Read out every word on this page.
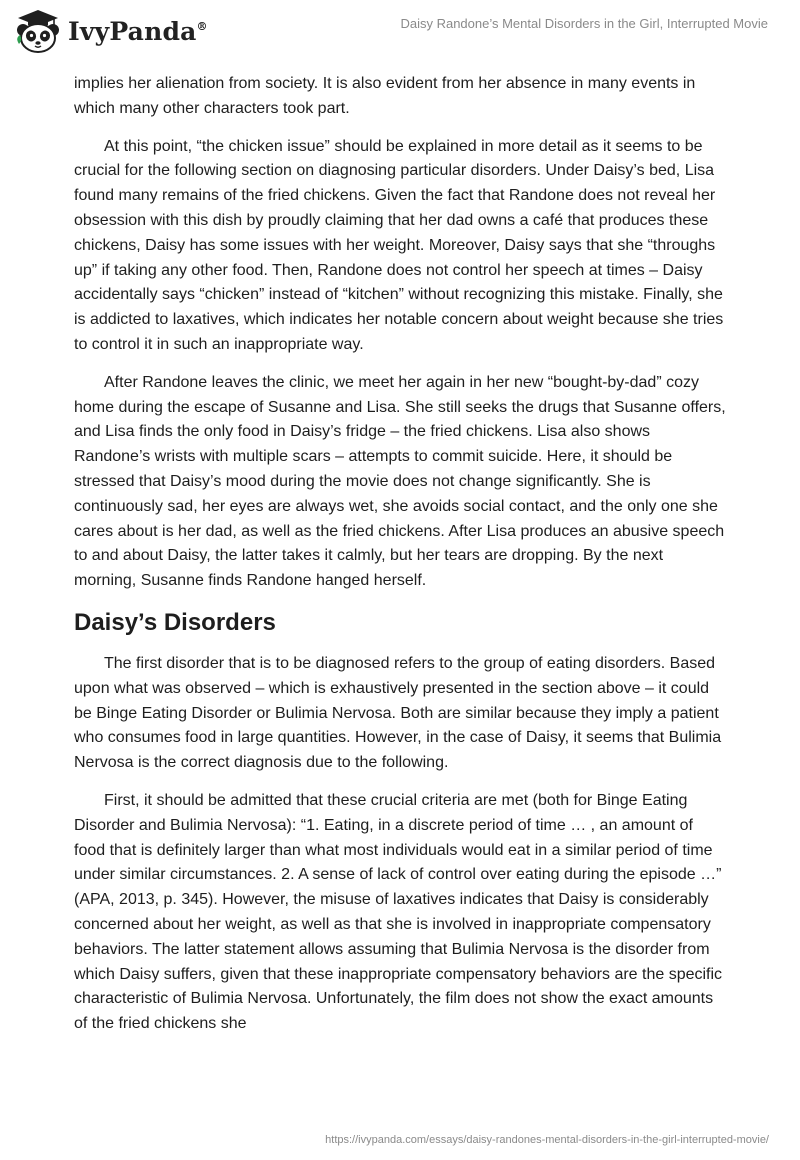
IvyPanda®	Daisy Randone’s Mental Disorders in the Girl, Interrupted Movie

implies her alienation from society. It is also evident from her absence in many events in which many other characters took part.

At this point, “the chicken issue” should be explained in more detail as it seems to be crucial for the following section on diagnosing particular disorders. Under Daisy’s bed, Lisa found many remains of the fried chickens. Given the fact that Randone does not reveal her obsession with this dish by proudly claiming that her dad owns a café that produces these chickens, Daisy has some issues with her weight. Moreover, Daisy says that she “throughs up” if taking any other food. Then, Randone does not control her speech at times – Daisy accidentally says “chicken” instead of “kitchen” without recognizing this mistake. Finally, she is addicted to laxatives, which indicates her notable concern about weight because she tries to control it in such an inappropriate way.

After Randone leaves the clinic, we meet her again in her new “bought-by-dad” cozy home during the escape of Susanne and Lisa. She still seeks the drugs that Susanne offers, and Lisa finds the only food in Daisy’s fridge – the fried chickens. Lisa also shows Randone’s wrists with multiple scars – attempts to commit suicide. Here, it should be stressed that Daisy’s mood during the movie does not change significantly. She is continuously sad, her eyes are always wet, she avoids social contact, and the only one she cares about is her dad, as well as the fried chickens. After Lisa produces an abusive speech to and about Daisy, the latter takes it calmly, but her tears are dropping. By the next morning, Susanne finds Randone hanged herself.

Daisy’s Disorders

The first disorder that is to be diagnosed refers to the group of eating disorders. Based upon what was observed – which is exhaustively presented in the section above – it could be Binge Eating Disorder or Bulimia Nervosa. Both are similar because they imply a patient who consumes food in large quantities. However, in the case of Daisy, it seems that Bulimia Nervosa is the correct diagnosis due to the following.

First, it should be admitted that these crucial criteria are met (both for Binge Eating Disorder and Bulimia Nervosa): “1. Eating, in a discrete period of time … , an amount of food that is definitely larger than what most individuals would eat in a similar period of time under similar circumstances. 2. A sense of lack of control over eating during the episode …” (APA, 2013, p. 345). However, the misuse of laxatives indicates that Daisy is considerably concerned about her weight, as well as that she is involved in inappropriate compensatory behaviors. The latter statement allows assuming that Bulimia Nervosa is the disorder from which Daisy suffers, given that these inappropriate compensatory behaviors are the specific characteristic of Bulimia Nervosa. Unfortunately, the film does not show the exact amounts of the fried chickens she

https://ivypanda.com/essays/daisy-randones-mental-disorders-in-the-girl-interrupted-movie/
